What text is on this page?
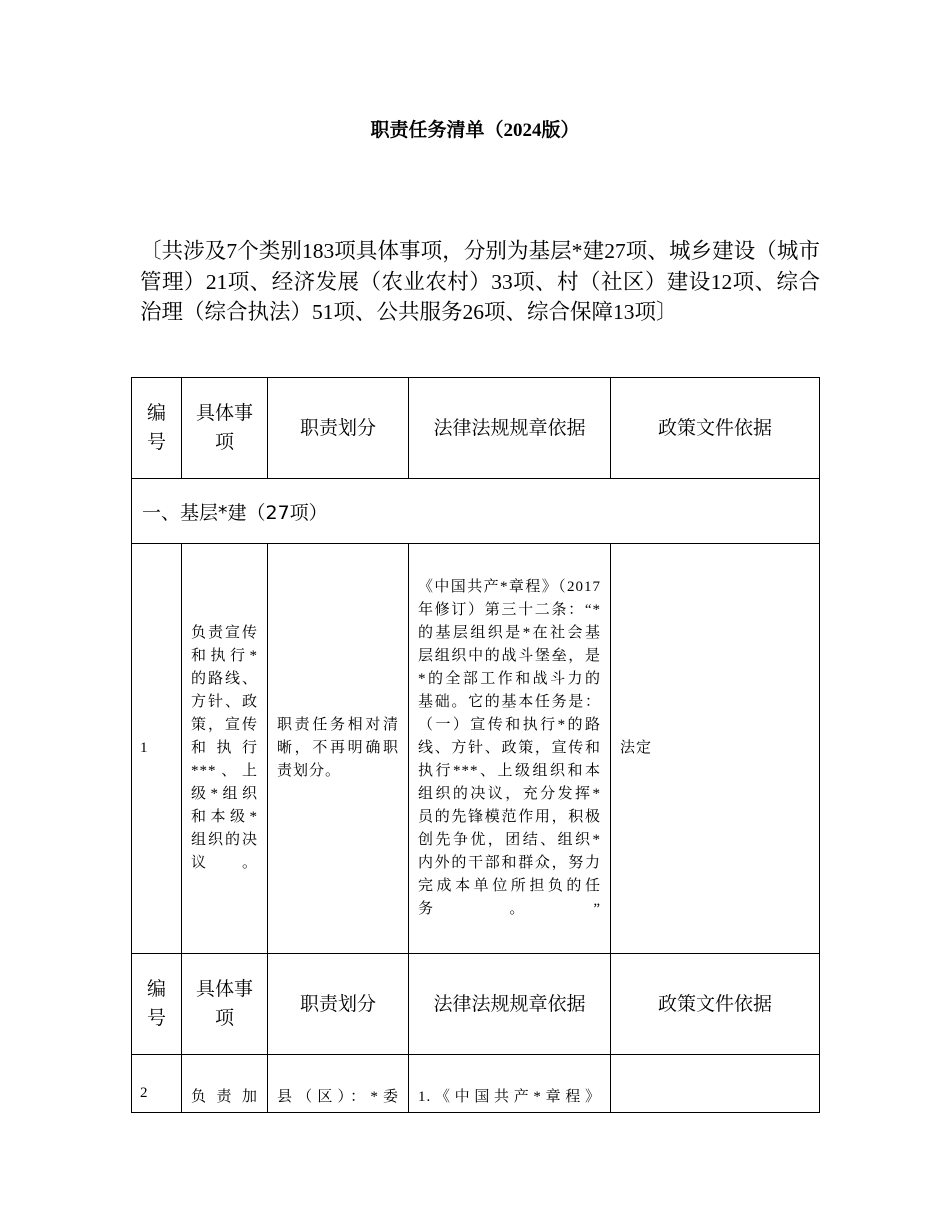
职责任务清单（2024版）
〔共涉及7个类别183项具体事项，分别为基层*建27项、城乡建设（城市管理）21项、经济发展（农业农村）33项、村（社区）建设12项、综合治理（综合执法）51项、公共服务26项、综合保障13项〕
编号	具体事项	职责划分	法律法规规章依据	政策文件依据
一、基层*建（27项）				
1	负责宣传和执行*的路线、方针、政策，宣传和执行***、上级*组织和本级*组织的决议。	职责任务相对清晰，不再明确职责划分。	《中国共产*章程》（2017年修订）第三十二条：“*的基层组织是*在社会基层组织中的战斗堡垒，是*的全部工作和战斗力的基础。它的基本任务是：（一）宣传和执行*的路线、方针、政策，宣传和执行***、上级组织和本组织的决议，充分发挥*员的先锋模范作用，积极创先争优，团结、组织*内外的干部和群众，努力完成本单位所担负的任务。”	法定
编号	具体事项	职责划分	法律法规规章依据	政策文件依据
2	负责加	县（区）：*委	1.《中国共产*章程》	
